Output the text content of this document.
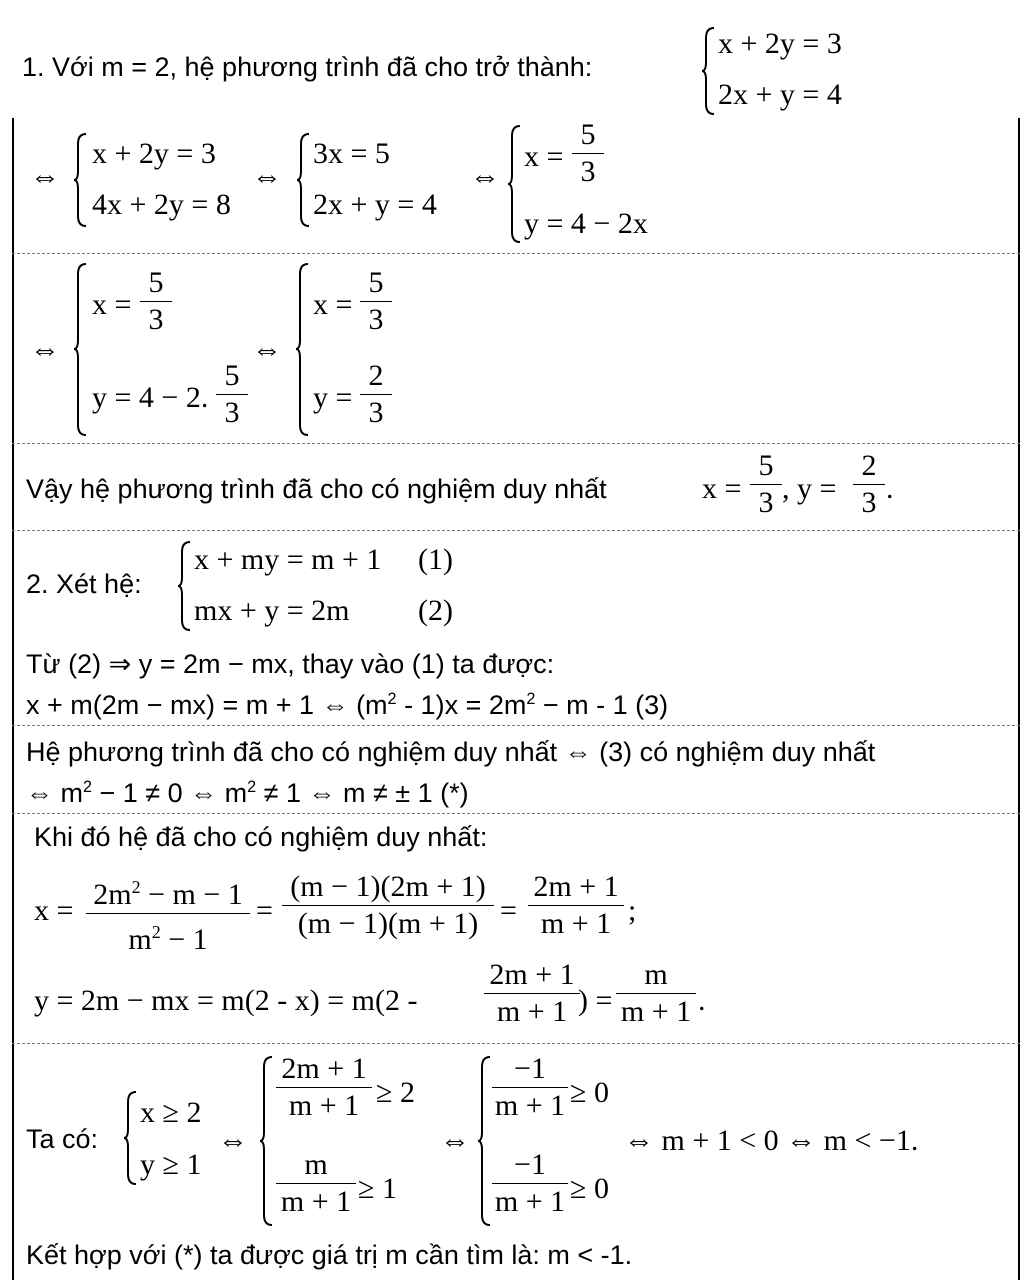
1. Với m = 2, hệ phương trình đã cho trở thành:
x + 2y = 3
2x + y = 4
⇔
x + 2y = 3
4x + 2y = 8
⇔
3x = 5
2x + y = 4
⇔
x =
5
3
y = 4 − 2x
⇔
x =
5
3
y = 4 − 2.
5
3
⇔
x =
5
3
y =
2
3
Vậy hệ phương trình đã cho có nghiệm duy nhất	x =
5
3 , y =
2
3 .
2. Xét hệ:
x + my = m + 1 (1)
mx + y = 2m (2)
Từ (2) ⇒ y = 2m − mx, thay vào (1) ta được:
x + m(2m − mx) = m + 1 ⇔ $(m^2 - 1)x = 2m^2 - m - 1$ (3)
Hệ phương trình đã cho có nghiệm duy nhất ⇔ (3) có nghiệm duy nhất
⇔ $m^2 - 1 \ne 0$ ⇔ $m^2 \ne 1$ ⇔ m ≠ ± 1 (*)
Khi đó hệ đã cho có nghiệm duy nhất:
$x = 2m^2 - m - 1$
$m^2 - 1$
=
(m − 1)(2m + 1)
(m − 1)(m + 1) =
2m + 1
m + 1 ;
y = 2m − mx = m(2 - x) = m(2 -
2m + 1
m + 1 ) =
m
m + 1 .
Ta có:
x ≥ 2
y ≥ 1
⇔
2m + 1
m + 1 ≥ 2
m
m + 1 ≥ 1
⇔
−1
m + 1 ≥ 0
−1
m + 1 ≥ 0
⇔ m + 1 < 0 ⇔ m < −1.
Kết hợp với (*) ta được giá trị m cần tìm là: m < -1.
